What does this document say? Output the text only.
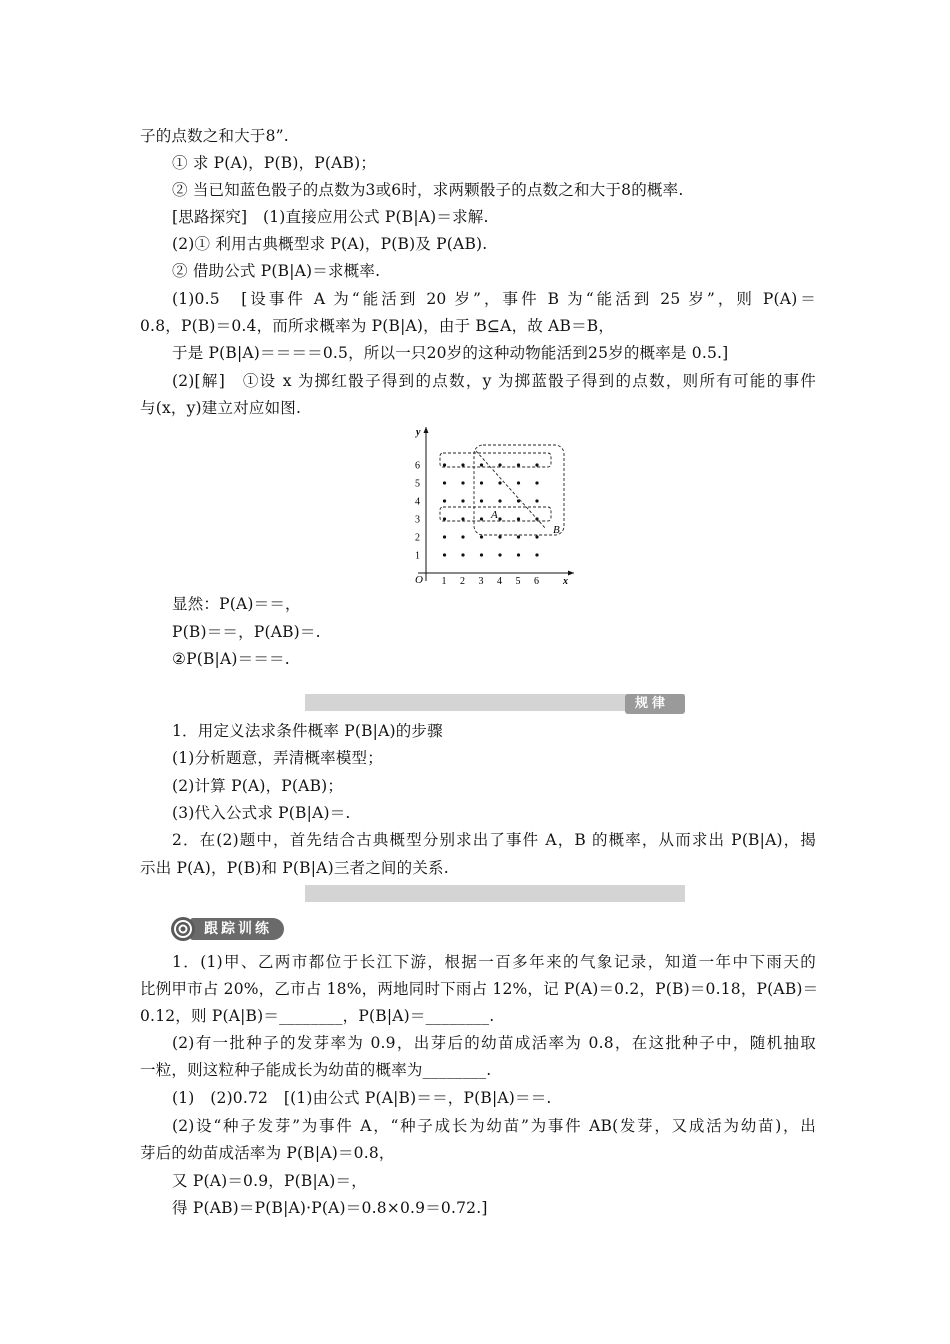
子的点数之和大于8”.
① 求 P(A)，P(B)，P(AB)；
② 当已知蓝色骰子的点数为3或6时，求两颗骰子的点数之和大于8的概率.
[思路探究]　(1)直接应用公式 P(B|A)＝求解.
(2)① 利用古典概型求 P(A)，P(B)及 P(AB).
② 借助公式 P(B|A)＝求概率.
(1)0.5　[设事件 A 为“能活到 20 岁”，事件 B 为“能活到 25 岁”，则 P(A)＝
0.8，P(B)＝0.4，而所求概率为 P(B|A)，由于 B⊆A，故 AB＝B，
于是 P(B|A)＝＝＝＝0.5，所以一只20岁的这种动物能活到25岁的概率是 0.5.]
(2)[解]　①设 x 为掷红骰子得到的点数，y 为掷蓝骰子得到的点数，则所有可能的事件
与(x，y)建立对应如图.
x
y
O 1 2 3 4 5 6
1
2
3
4
5
6
A
B
显然：P(A)＝＝，
P(B)＝＝，P(AB)＝.
②P(B|A)＝＝＝.
规律方法
1．用定义法求条件概率 P(B|A)的步骤
(1)分析题意，弄清概率模型；
(2)计算 P(A)，P(AB)；
(3)代入公式求 P(B|A)＝.
2．在(2)题中，首先结合古典概型分别求出了事件 A，B 的概率，从而求出 P(B|A)，揭
示出 P(A)，P(B)和 P(B|A)三者之间的关系.
跟踪训练
1．(1)甲、乙两市都位于长江下游，根据一百多年来的气象记录，知道一年中下雨天的
比例甲市占 20%，乙市占 18%，两地同时下雨占 12%，记 P(A)＝0.2，P(B)＝0.18，P(AB)＝
0.12，则 P(A|B)＝________，P(B|A)＝________.
(2)有一批种子的发芽率为 0.9，出芽后的幼苗成活率为 0.8，在这批种子中，随机抽取
一粒，则这粒种子能成长为幼苗的概率为________.
(1)　(2)0.72　[(1)由公式 P(A|B)＝＝，P(B|A)＝＝.
(2)设“种子发芽”为事件 A，“种子成长为幼苗”为事件 AB(发芽，又成活为幼苗)，出
芽后的幼苗成活率为 P(B|A)＝0.8，
又 P(A)＝0.9，P(B|A)＝，
得 P(AB)＝P(B|A)·P(A)＝0.8×0.9＝0.72.]
